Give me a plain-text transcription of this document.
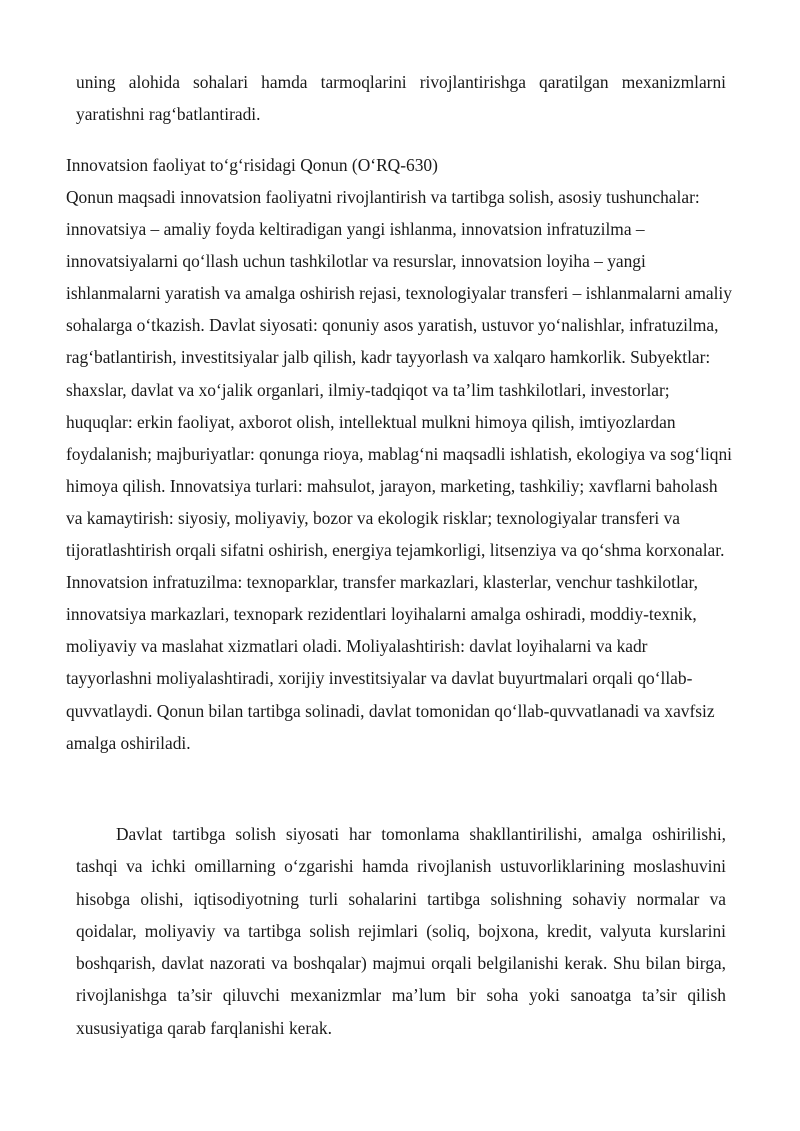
uning alohida sohalari hamda tarmoqlarini rivojlantirishga qaratilgan mexanizmlarni yaratishni rag‘batlantiradi.

Innovatsion faoliyat to‘g‘risidagi Qonun (O‘RQ-630)

Qonun maqsadi innovatsion faoliyatni rivojlantirish va tartibga solish, asosiy tushunchalar: innovatsiya – amaliy foyda keltiradigan yangi ishlanma, innovatsion infratuzilma – innovatsiyalarni qo‘llash uchun tashkilotlar va resurslar, innovatsion loyiha – yangi ishlanmalarni yaratish va amalga oshirish rejasi, texnologiyalar transferi – ishlanmalarni amaliy sohalarga o‘tkazish. Davlat siyosati: qonuniy asos yaratish, ustuvor yo‘nalishlar, infratuzilma, rag‘batlantirish, investitsiyalar jalb qilish, kadr tayyorlash va xalqaro hamkorlik. Subyektlar: shaxslar, davlat va xo‘jalik organlari, ilmiy-tadqiqot va ta’lim tashkilotlari, investorlar; huquqlar: erkin faoliyat, axborot olish, intellektual mulkni himoya qilish, imtiyozlardan foydalanish; majburiyatlar: qonunga rioya, mablag‘ni maqsadli ishlatish, ekologiya va sog‘liqni himoya qilish. Innovatsiya turlari: mahsulot, jarayon, marketing, tashkiliy; xavflarni baholash va kamaytirish: siyosiy, moliyaviy, bozor va ekologik risklar; texnologiyalar transferi va tijoratlashtirish orqali sifatni oshirish, energiya tejamkorligi, litsenziya va qo‘shma korxonalar. Innovatsion infratuzilma: texnoparklar, transfer markazlari, klasterlar, venchur tashkilotlar, innovatsiya markazlari, texnopark rezidentlari loyihalarni amalga oshiradi, moddiy-texnik, moliyaviy va maslahat xizmatlari oladi. Moliyalashtirish: davlat loyihalarni va kadr tayyorlashni moliyalashtiradi, xorijiy investitsiyalar va davlat buyurtmalari orqali qo‘llab-quvvatlaydi. Qonun bilan tartibga solinadi, davlat tomonidan qo‘llab-quvvatlanadi va xavfsiz amalga oshiriladi.

Davlat tartibga solish siyosati har tomonlama shakllantirilishi, amalga oshirilishi, tashqi va ichki omillarning o‘zgarishi hamda rivojlanish ustuvorliklarining moslashuvini hisobga olishi, iqtisodiyotning turli sohalarini tartibga solishning sohaviy normalar va qoidalar, moliyaviy va tartibga solish rejimlari (soliq, bojxona, kredit, valyuta kurslarini boshqarish, davlat nazorati va boshqalar) majmui orqali belgilanishi kerak. Shu bilan birga, rivojlanishga ta’sir qiluvchi mexanizmlar ma’lum bir soha yoki sanoatga ta’sir qilish xususiyatiga qarab farqlanishi kerak.
